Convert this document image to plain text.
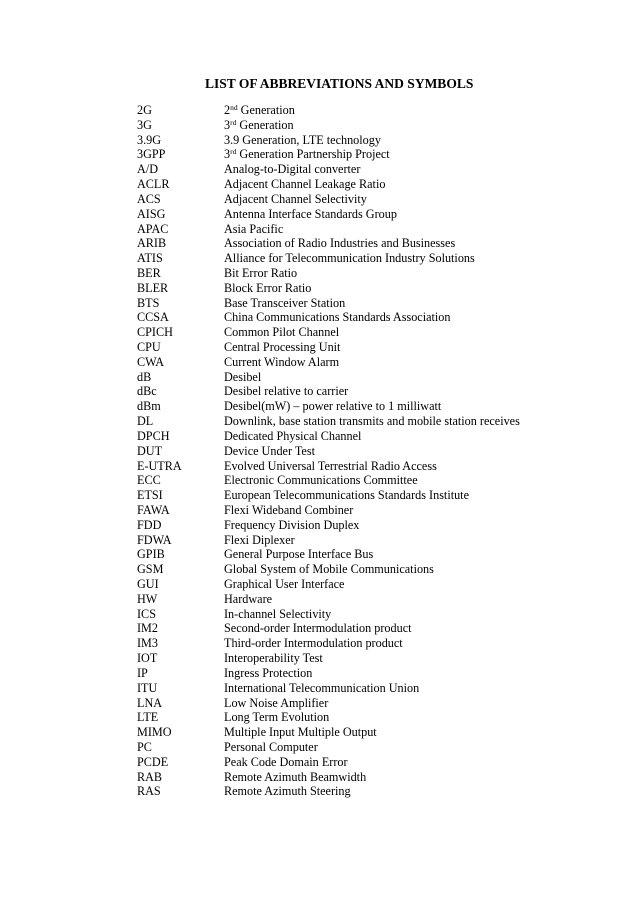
LIST OF ABBREVIATIONS AND SYMBOLS
2G	2nd Generation
3G	3rd Generation
3.9G	3.9 Generation, LTE technology
3GPP	3rd Generation Partnership Project
A/D	Analog-to-Digital converter
ACLR	Adjacent Channel Leakage Ratio
ACS	Adjacent Channel Selectivity
AISG	Antenna Interface Standards Group
APAC	Asia Pacific
ARIB	Association of Radio Industries and Businesses
ATIS	Alliance for Telecommunication Industry Solutions
BER	Bit Error Ratio
BLER	Block Error Ratio
BTS	Base Transceiver Station
CCSA	China Communications Standards Association
CPICH	Common Pilot Channel
CPU	Central Processing Unit
CWA	Current Window Alarm
dB	Desibel
dBc	Desibel relative to carrier
dBm	Desibel(mW) – power relative to 1 milliwatt
DL	Downlink, base station transmits and mobile station receives
DPCH	Dedicated Physical Channel
DUT	Device Under Test
E-UTRA	Evolved Universal Terrestrial Radio Access
ECC	Electronic Communications Committee
ETSI	European Telecommunications Standards Institute
FAWA	Flexi Wideband Combiner
FDD	Frequency Division Duplex
FDWA	Flexi Diplexer
GPIB	General Purpose Interface Bus
GSM	Global System of Mobile Communications
GUI	Graphical User Interface
HW	Hardware
ICS	In-channel Selectivity
IM2	Second-order Intermodulation product
IM3	Third-order Intermodulation product
IOT	Interoperability Test
IP	Ingress Protection
ITU	International Telecommunication Union
LNA	Low Noise Amplifier
LTE	Long Term Evolution
MIMO	Multiple Input Multiple Output
PC	Personal Computer
PCDE	Peak Code Domain Error
RAB	Remote Azimuth Beamwidth
RAS	Remote Azimuth Steering
